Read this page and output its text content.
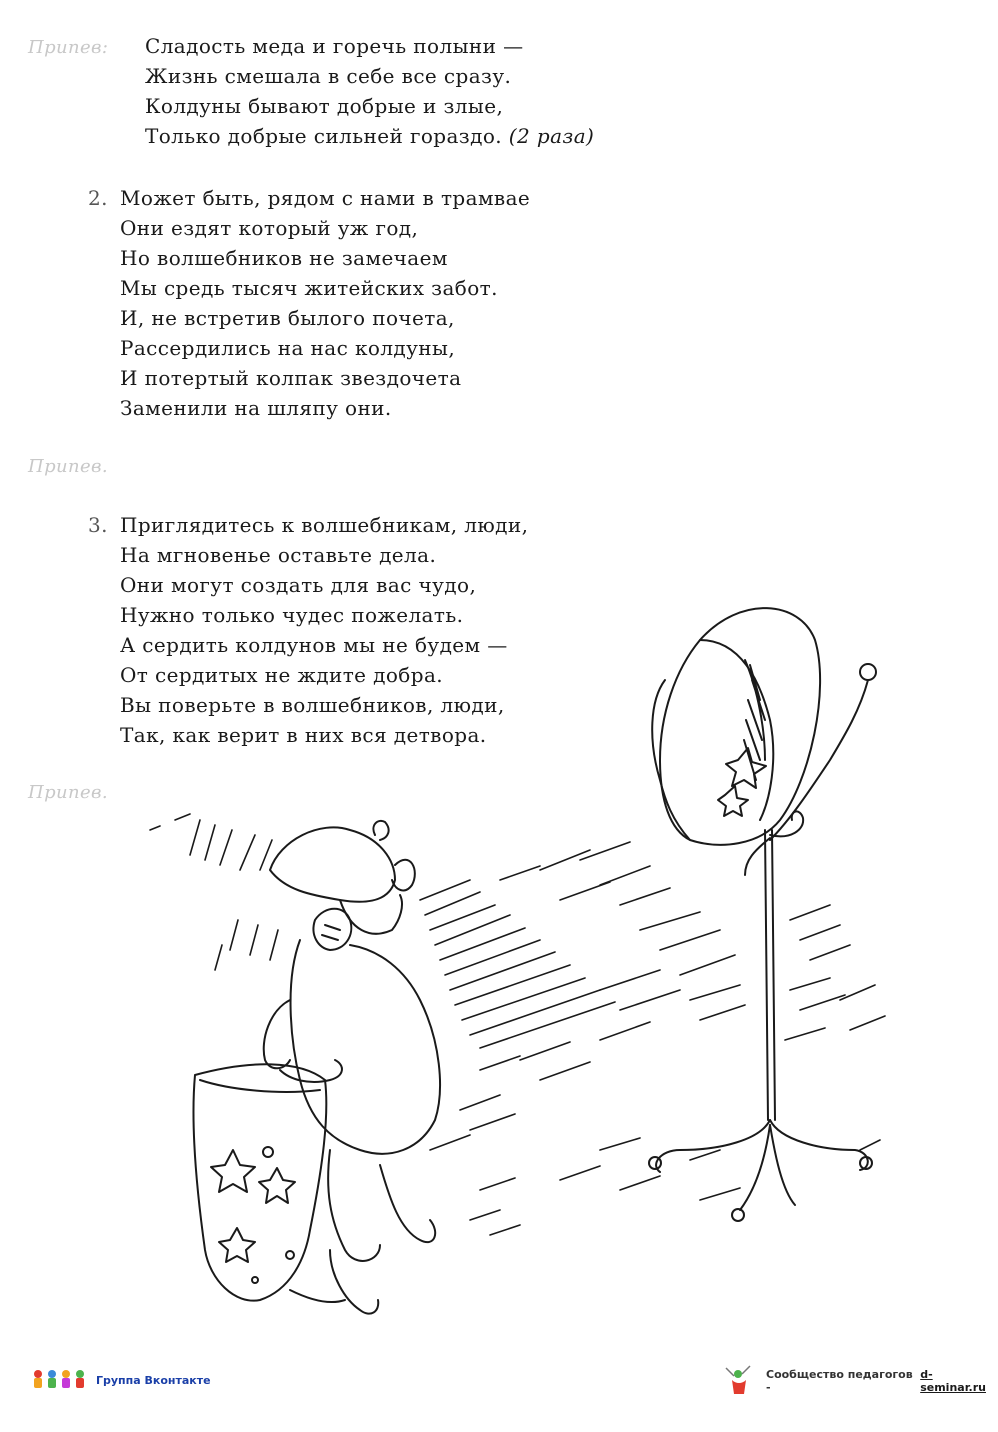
Припев: Сладость меда и горечь полыни —
Жизнь смешала в себе все сразу.
Колдуны бывают добрые и злые,
Только добрые сильней гораздо. (2 раза)
2. Может быть, рядом с нами в трамвае
Они ездят который уж год,
Но волшебников не замечаем
Мы средь тысяч житейских забот.
И, не встретив былого почета,
Рассердились на нас колдуны,
И потертый колпак звездочета
Заменили на шляпу они.
Припев.
3. Приглядитесь к волшебникам, люди,
На мгновенье оставьте дела.
Они могут создать для вас чудо,
Нужно только чудес пожелать.
А сердить колдунов мы не будем —
От сердитых не ждите добра.
Вы поверьте в волшебников, люди,
Так, как верит в них вся детвора.
Припев.
Группа Вконтакте	Сообщество педагогов -
d-seminar.ru
